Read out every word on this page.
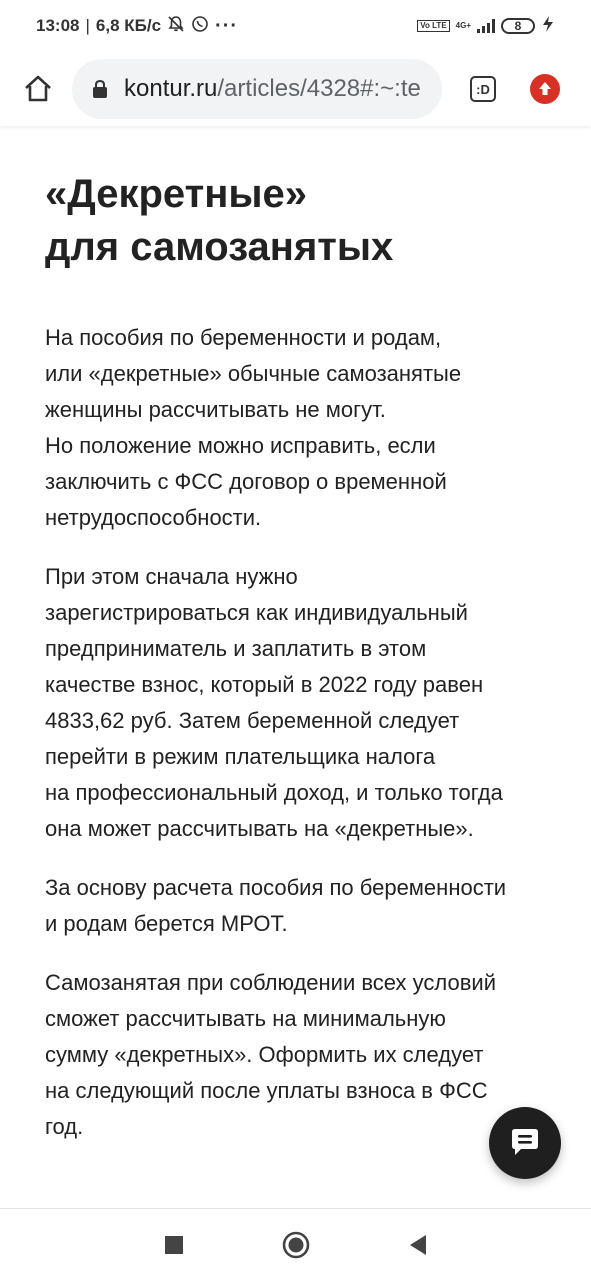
13:08 | 6,8 КБ/с	···	Vo LTE	4G+	8
kontur.ru/articles/4328#:~:te	:D
«Декретные»
для самозанятых

На пособия по беременности и родам,
или «декретные» обычные самозанятые
женщины рассчитывать не могут.
Но положение можно исправить, если
заключить с ФСС договор о временной
нетрудоспособности.

При этом сначала нужно
зарегистрироваться как индивидуальный
предприниматель и заплатить в этом
качестве взнос, который в 2022 году равен
4833,62 руб. Затем беременной следует
перейти в режим плательщика налога
на профессиональный доход, и только тогда
она может рассчитывать на «декретные».

За основу расчета пособия по беременности
и родам берется МРОТ.

Самозанятая при соблюдении всех условий
сможет рассчитывать на минимальную
сумму «декретных». Оформить их следует
на следующий после уплаты взноса в ФСС
год.
